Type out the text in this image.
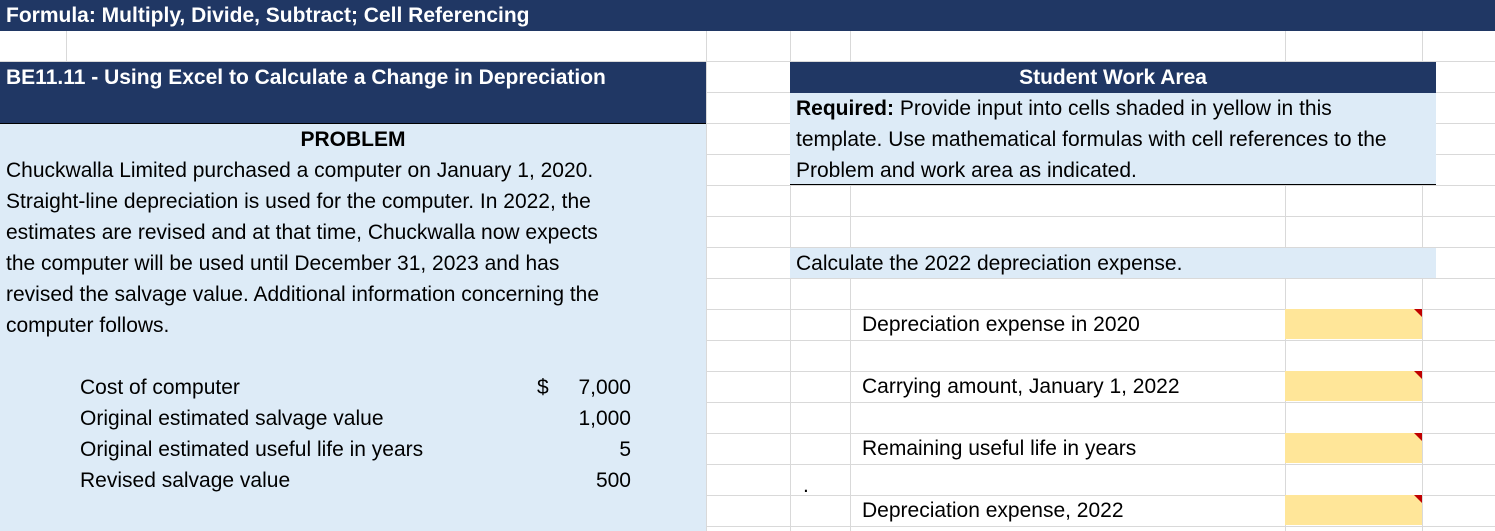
Formula: Multiply, Divide, Subtract; Cell Referencing
BE11.11 - Using Excel to Calculate a Change in Depreciation
PROBLEM
Chuckwalla Limited purchased a computer on January 1, 2020.
Straight-line depreciation is used for the computer. In 2022, the
estimates are revised and at that time, Chuckwalla now expects
the computer will be used until December 31, 2023 and has
revised the salvage value. Additional information concerning the
computer follows.
Cost of computer	$ 7,000
Original estimated salvage value	1,000
Original estimated useful life in years	5
Revised salvage value	500
Student Work Area
Required: Provide input into cells shaded in yellow in this
template. Use mathematical formulas with cell references to the
Problem and work area as indicated.
Calculate the 2022 depreciation expense.
Depreciation expense in 2020
Carrying amount, January 1, 2022
Remaining useful life in years
.
Depreciation expense, 2022
